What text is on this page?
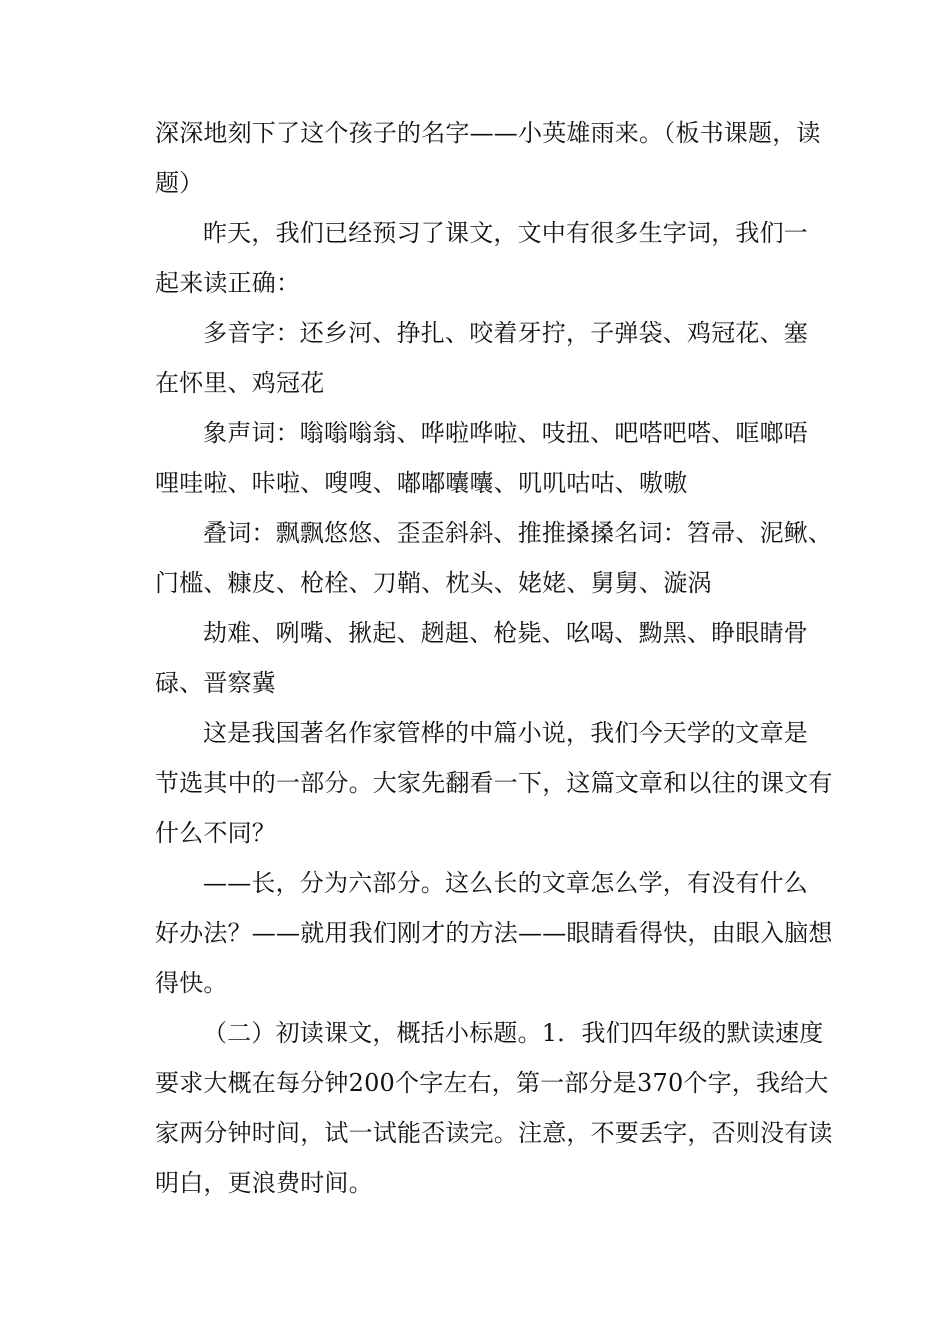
深深地刻下了这个孩子的名字——小英雄雨来。（板书课题，读
题）
昨天，我们已经预习了课文，文中有很多生字词，我们一
起来读正确：
多音字：还乡河、挣扎、咬着牙拧，子弹袋、鸡冠花、塞
在怀里、鸡冠花
象声词：嗡嗡嗡翁、哗啦哗啦、吱扭、吧嗒吧嗒、哐啷唔
哩哇啦、咔啦、嗖嗖、嘟嘟囔囔、叽叽咕咕、嗷嗷
叠词：飘飘悠悠、歪歪斜斜、推推搡搡名词：笤帚、泥鳅、
门槛、糠皮、枪栓、刀鞘、枕头、姥姥、舅舅、漩涡
劫难、咧嘴、揪起、趔趄、枪毙、吆喝、黝黑、睁眼睛骨
碌、晋察冀
这是我国著名作家管桦的中篇小说，我们今天学的文章是
节选其中的一部分。大家先翻看一下，这篇文章和以往的课文有
什么不同？
——长，分为六部分。这么长的文章怎么学，有没有什么
好办法？——就用我们刚才的方法——眼睛看得快，由眼入脑想
得快。
（二）初读课文，概括小标题。1．我们四年级的默读速度
要求大概在每分钟200个字左右，第一部分是370个字，我给大
家两分钟时间，试一试能否读完。注意，不要丢字，否则没有读
明白，更浪费时间。
